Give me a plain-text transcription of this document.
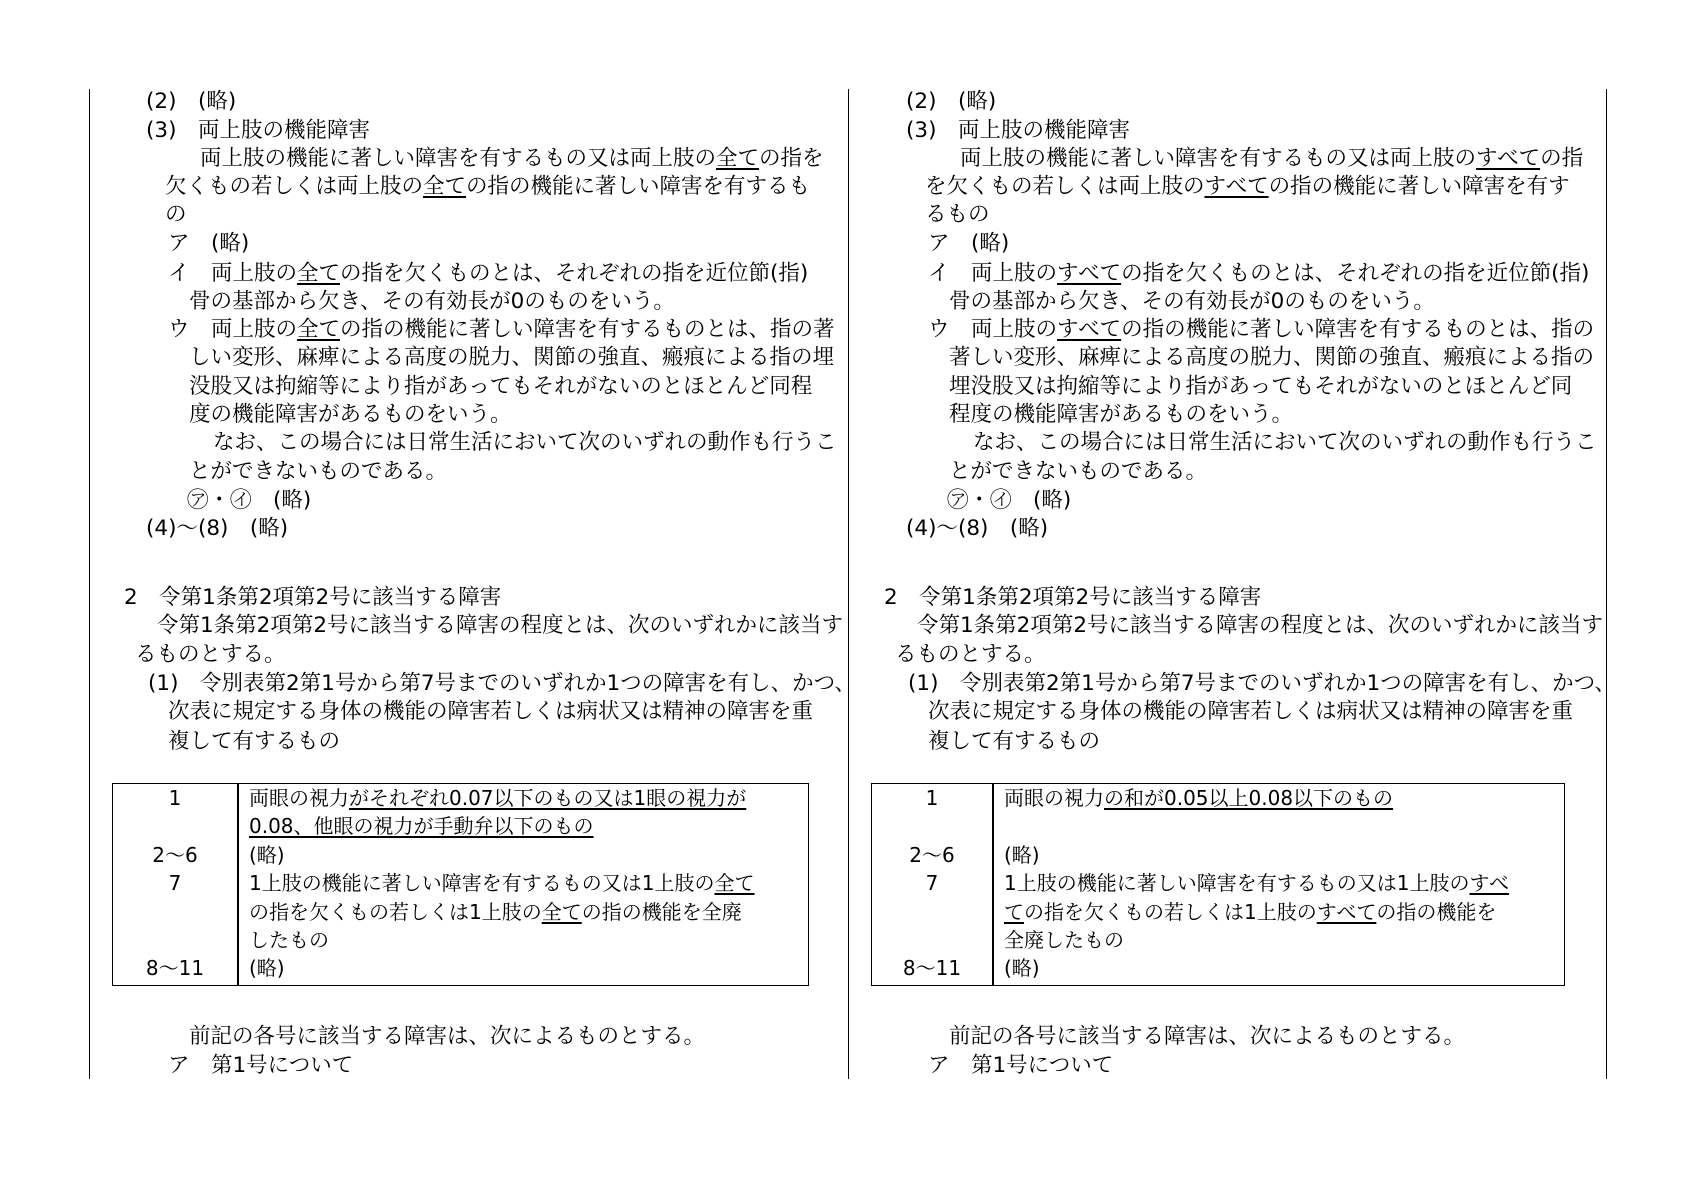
(2)　(略)
(3)　両上肢の機能障害
両上肢の機能に著しい障害を有するもの又は両上肢の全ての指を
欠くもの若しくは両上肢の全ての指の機能に著しい障害を有するも
の
ア　(略)
イ　両上肢の全ての指を欠くものとは、それぞれの指を近位節(指)
骨の基部から欠き、その有効長が0のものをいう。
ウ　両上肢の全ての指の機能に著しい障害を有するものとは、指の著
しい変形、麻痺による高度の脱力、関節の強直、瘢痕による指の埋
没股又は拘縮等により指があってもそれがないのとほとんど同程
度の機能障害があるものをいう。
なお、この場合には日常生活において次のいずれの動作も行うこ
とができないものである。
㋐・㋑　(略)
(4)～(8)　(略)
2　令第1条第2項第2号に該当する障害
令第1条第2項第2号に該当する障害の程度とは、次のいずれかに該当す
るものとする。
(1)　令別表第2第1号から第7号までのいずれか1つの障害を有し、かつ、
次表に規定する身体の機能の障害若しくは病状又は精神の障害を重
複して有するもの
前記の各号に該当する障害は、次によるものとする。
ア　第1号について
1	両眼の視力がそれぞれ0.07以下のもの又は1眼の視力が
0.08、他眼の視力が手動弁以下のもの
2～6	(略)
7	1上肢の機能に著しい障害を有するもの又は1上肢の全て
の指を欠くもの若しくは1上肢の全ての指の機能を全廃
したもの
8～11	(略)
(2)　(略)
(3)　両上肢の機能障害
両上肢の機能に著しい障害を有するもの又は両上肢のすべての指
を欠くもの若しくは両上肢のすべての指の機能に著しい障害を有す
るもの
ア　(略)
イ　両上肢のすべての指を欠くものとは、それぞれの指を近位節(指)
骨の基部から欠き、その有効長が0のものをいう。
ウ　両上肢のすべての指の機能に著しい障害を有するものとは、指の
著しい変形、麻痺による高度の脱力、関節の強直、瘢痕による指の
埋没股又は拘縮等により指があってもそれがないのとほとんど同
程度の機能障害があるものをいう。
なお、この場合には日常生活において次のいずれの動作も行うこ
とができないものである。
㋐・㋑　(略)
(4)～(8)　(略)
2　令第1条第2項第2号に該当する障害
令第1条第2項第2号に該当する障害の程度とは、次のいずれかに該当す
るものとする。
(1)　令別表第2第1号から第7号までのいずれか1つの障害を有し、かつ、
次表に規定する身体の機能の障害若しくは病状又は精神の障害を重
複して有するもの
前記の各号に該当する障害は、次によるものとする。
ア　第1号について
1	両眼の視力の和が0.05以上0.08以下のもの
2～6	(略)
7	1上肢の機能に著しい障害を有するもの又は1上肢のすべ
ての指を欠くもの若しくは1上肢のすべての指の機能を
全廃したもの
8～11	(略)
